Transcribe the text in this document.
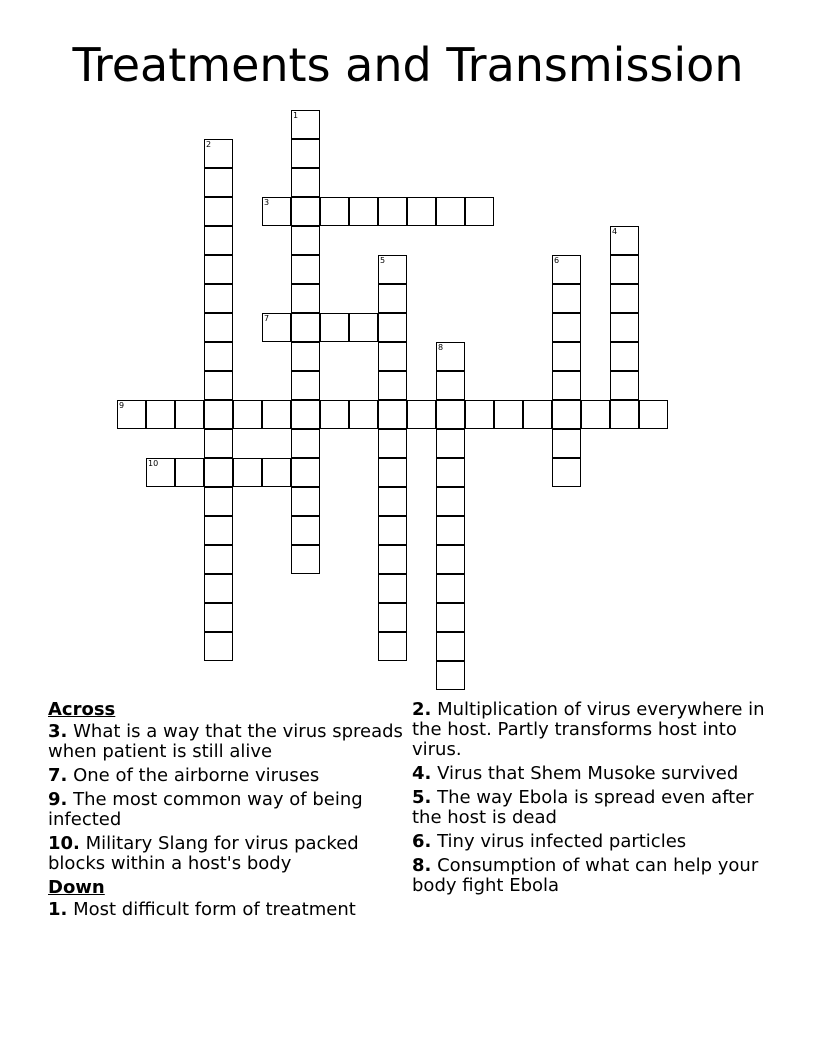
Treatments and Transmission
1
2
3
4
5	6
7
8
9
10
Across
3. What is a way that the virus spreads when patient is still alive
7. One of the airborne viruses
9. The most common way of being infected
10. Military Slang for virus packed blocks within a host's body
Down
1. Most difficult form of treatment
2. Multiplication of virus everywhere in the host. Partly transforms host into virus.
4. Virus that Shem Musoke survived
5. The way Ebola is spread even after the host is dead
6. Tiny virus infected particles
8. Consumption of what can help your body fight Ebola
